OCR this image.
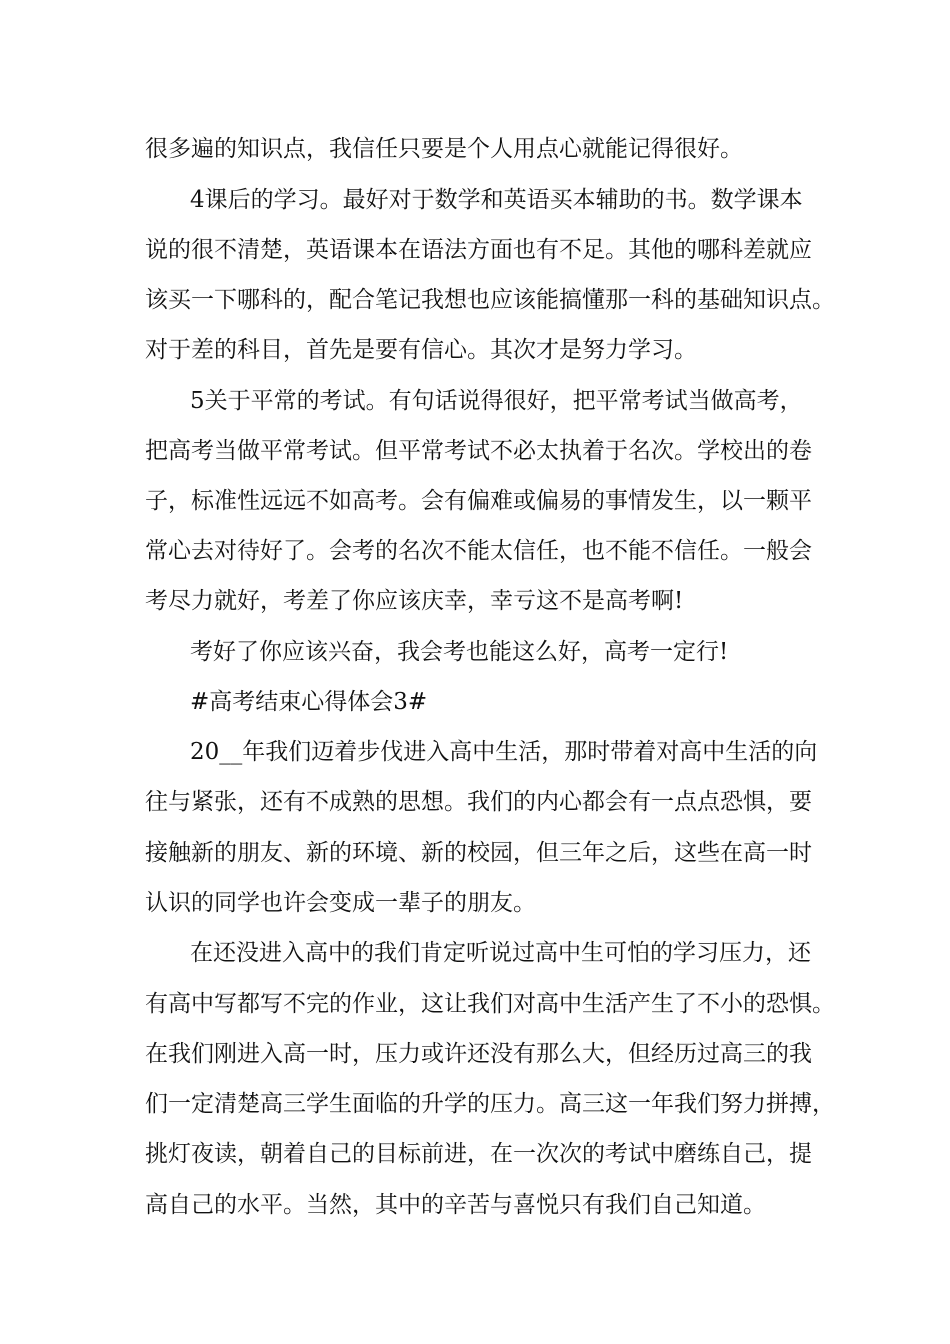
很多遍的知识点，我信任只要是个人用点心就能记得很好。
4课后的学习。最好对于数学和英语买本辅助的书。数学课本
说的很不清楚，英语课本在语法方面也有不足。其他的哪科差就应
该买一下哪科的，配合笔记我想也应该能搞懂那一科的基础知识点。
对于差的科目，首先是要有信心。其次才是努力学习。
5关于平常的考试。有句话说得很好，把平常考试当做高考，
把高考当做平常考试。但平常考试不必太执着于名次。学校出的卷
子，标准性远远不如高考。会有偏难或偏易的事情发生，以一颗平
常心去对待好了。会考的名次不能太信任，也不能不信任。一般会
考尽力就好，考差了你应该庆幸，幸亏这不是高考啊!
考好了你应该兴奋，我会考也能这么好，高考一定行!
#高考结束心得体会3#
20__年我们迈着步伐进入高中生活，那时带着对高中生活的向
往与紧张，还有不成熟的思想。我们的内心都会有一点点恐惧，要
接触新的朋友、新的环境、新的校园，但三年之后，这些在高一时
认识的同学也许会变成一辈子的朋友。
在还没进入高中的我们肯定听说过高中生可怕的学习压力，还
有高中写都写不完的作业，这让我们对高中生活产生了不小的恐惧。
在我们刚进入高一时，压力或许还没有那么大，但经历过高三的我
们一定清楚高三学生面临的升学的压力。高三这一年我们努力拼搏，
挑灯夜读，朝着自己的目标前进，在一次次的考试中磨练自己，提
高自己的水平。当然，其中的辛苦与喜悦只有我们自己知道。
